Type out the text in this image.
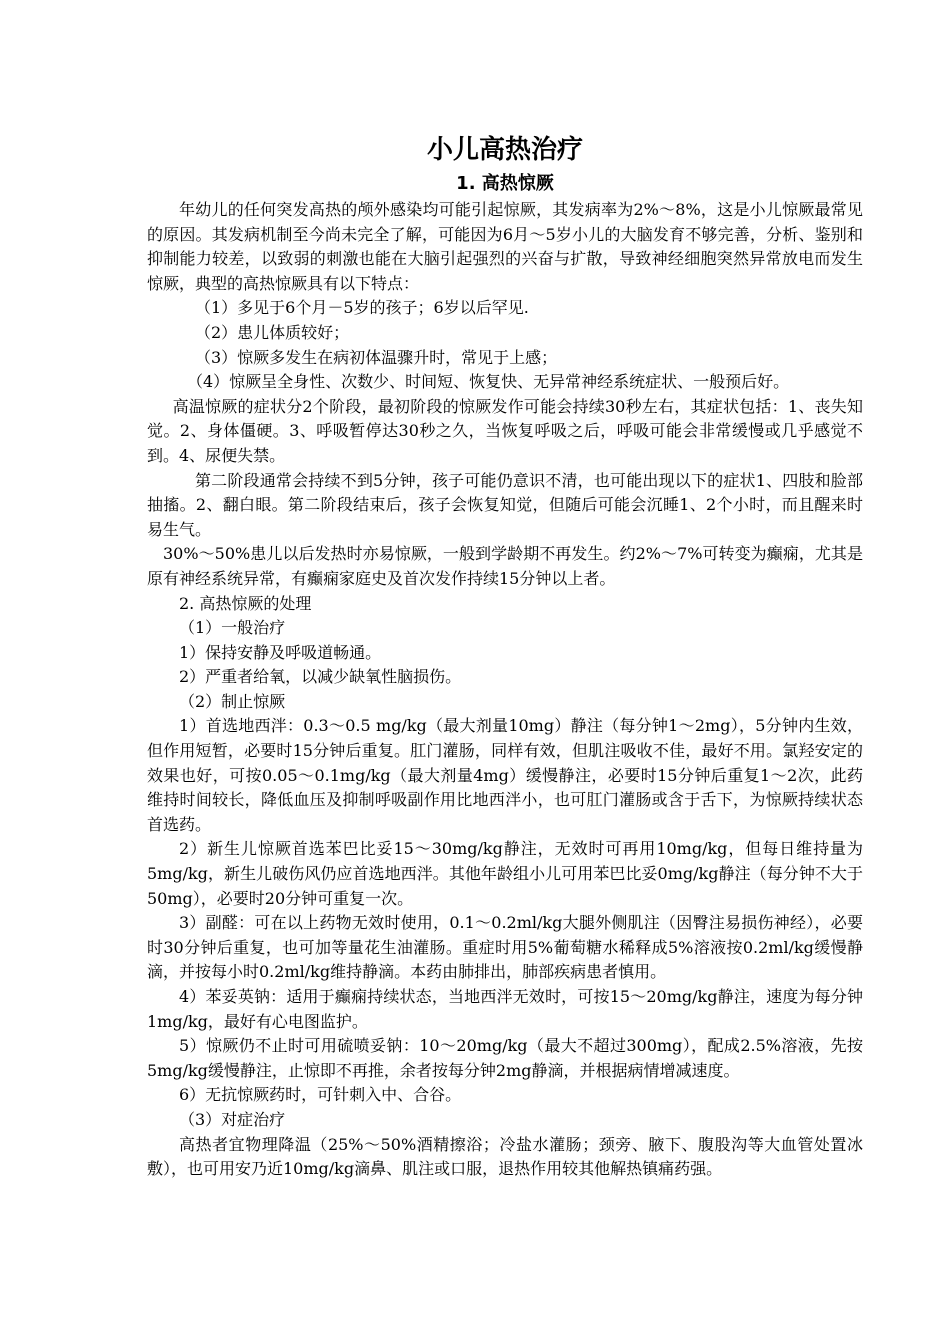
小儿高热治疗
1. 高热惊厥

年幼儿的任何突发高热的颅外感染均可能引起惊厥，其发病率为2%～8%，这是小儿惊厥最常见的原因。其发病机制至今尚未完全了解，可能因为6月～5岁小儿的大脑发育不够完善，分析、鉴别和抑制能力较差，以致弱的刺激也能在大脑引起强烈的兴奋与扩散，导致神经细胞突然异常放电而发生惊厥，典型的高热惊厥具有以下特点：

（1）多见于6个月－5岁的孩子；6岁以后罕见.

（2）患儿体质较好；

（3）惊厥多发生在病初体温骤升时，常见于上感；

（4）惊厥呈全身性、次数少、时间短、恢复快、无异常神经系统症状、一般预后好。

高温惊厥的症状分2个阶段，最初阶段的惊厥发作可能会持续30秒左右，其症状包括：1、丧失知觉。2、身体僵硬。3、呼吸暂停达30秒之久，当恢复呼吸之后，呼吸可能会非常缓慢或几乎感觉不到。4、尿便失禁。

第二阶段通常会持续不到5分钟，孩子可能仍意识不清，也可能出现以下的症状1、四肢和脸部抽搐。2、翻白眼。第二阶段结束后，孩子会恢复知觉，但随后可能会沉睡1、2个小时，而且醒来时易生气。

30%～50%患儿以后发热时亦易惊厥，一般到学龄期不再发生。约2%～7%可转变为癫痫，尤其是原有神经系统异常，有癫痫家庭史及首次发作持续15分钟以上者。

2. 高热惊厥的处理

（1）一般治疗

1）保持安静及呼吸道畅通。

2）严重者给氧，以减少缺氧性脑损伤。

（2）制止惊厥

1）首选地西泮：0.3～0.5 mg/kg（最大剂量10mg）静注（每分钟1～2mg），5分钟内生效，但作用短暂，必要时15分钟后重复。肛门灌肠，同样有效，但肌注吸收不佳，最好不用。氯羟安定的效果也好，可按0.05～0.1mg/kg（最大剂量4mg）缓慢静注，必要时15分钟后重复1～2次，此药维持时间较长，降低血压及抑制呼吸副作用比地西泮小，也可肛门灌肠或含于舌下，为惊厥持续状态首选药。

2）新生儿惊厥首选苯巴比妥15～30mg/kg静注，无效时可再用10mg/kg，但每日维持量为5mg/kg，新生儿破伤风仍应首选地西泮。其他年龄组小儿可用苯巴比妥0mg/kg静注（每分钟不大于50mg），必要时20分钟可重复一次。

3）副醛：可在以上药物无效时使用，0.1～0.2ml/kg大腿外侧肌注（因臀注易损伤神经），必要时30分钟后重复，也可加等量花生油灌肠。重症时用5%葡萄糖水稀释成5%溶液按0.2ml/kg缓慢静滴，并按每小时0.2ml/kg维持静滴。本药由肺排出，肺部疾病患者慎用。

4）苯妥英钠：适用于癫痫持续状态，当地西泮无效时，可按15～20mg/kg静注，速度为每分钟1mg/kg，最好有心电图监护。

5）惊厥仍不止时可用硫喷妥钠：10～20mg/kg（最大不超过300mg），配成2.5%溶液，先按5mg/kg缓慢静注，止惊即不再推，余者按每分钟2mg静滴，并根据病情增减速度。

6）无抗惊厥药时，可针刺入中、合谷。

（3）对症治疗

高热者宜物理降温（25%～50%酒精擦浴；冷盐水灌肠；颈旁、腋下、腹股沟等大血管处置冰敷），也可用安乃近10mg/kg滴鼻、肌注或口服，退热作用较其他解热镇痛药强。
